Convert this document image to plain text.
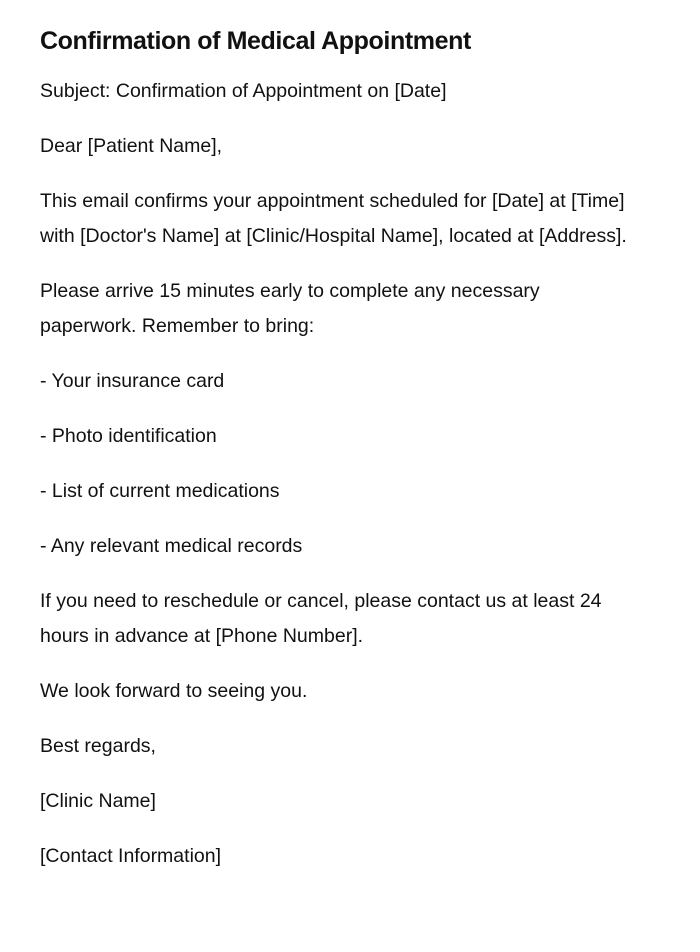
Confirmation of Medical Appointment

Subject: Confirmation of Appointment on [Date]

Dear [Patient Name],

This email confirms your appointment scheduled for [Date] at [Time] with [Doctor's Name] at [Clinic/Hospital Name], located at [Address].

Please arrive 15 minutes early to complete any necessary paperwork. Remember to bring:

- Your insurance card

- Photo identification

- List of current medications

- Any relevant medical records

If you need to reschedule or cancel, please contact us at least 24 hours in advance at [Phone Number].

We look forward to seeing you.

Best regards,

[Clinic Name]

[Contact Information]
